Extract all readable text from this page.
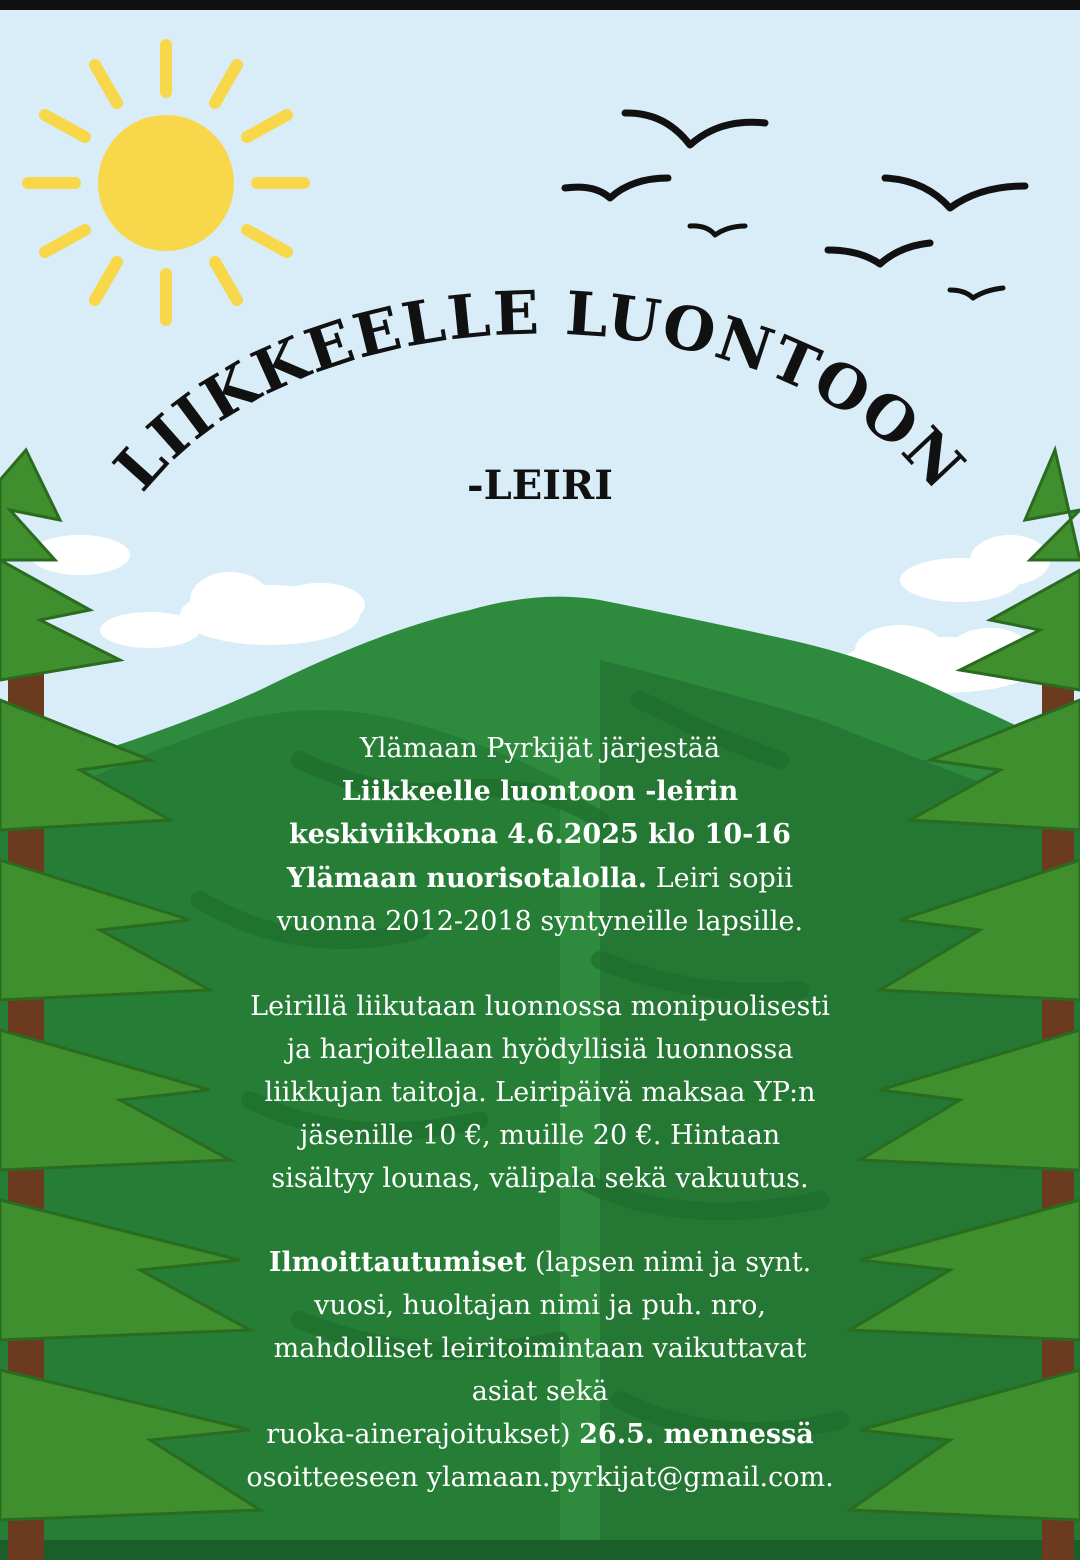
LIIKKEELLE LUONTOON
-LEIRI
Ylämaan Pyrkijät järjestää
Liikkeelle luontoon -leirin
keskiviikkona 4.6.2025 klo 10-16
Ylämaan nuorisotalolla. Leiri sopii
vuonna 2012-2018 syntyneille lapsille.
Leirillä liikutaan luonnossa monipuolisesti
ja harjoitellaan hyödyllisiä luonnossa
liikkujan taitoja. Leiripäivä maksaa YP:n
jäsenille 10 €, muille 20 €. Hintaan
sisältyy lounas, välipala sekä vakuutus.
Ilmoittautumiset (lapsen nimi ja synt.
vuosi, huoltajan nimi ja puh. nro,
mahdolliset leiritoimintaan vaikuttavat
asiat sekä
ruoka-ainerajoitukset) 26.5. mennessä
osoitteeseen ylamaan.pyrkijat@gmail.com.
